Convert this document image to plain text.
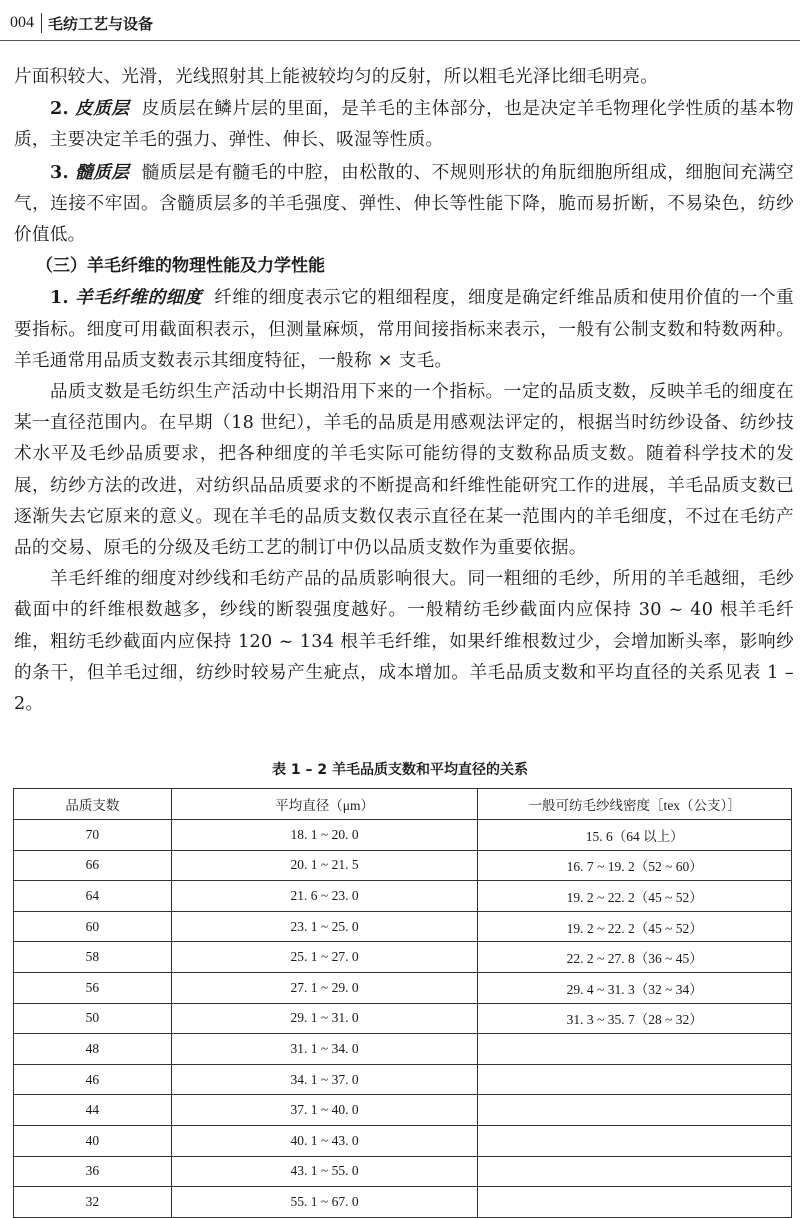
004 毛纺工艺与设备

片面积较大、光滑，光线照射其上能被较均匀的反射，所以粗毛光泽比细毛明亮。

2. 皮质层 皮质层在鳞片层的里面，是羊毛的主体部分，也是决定羊毛物理化学性质的基本物质，主要决定羊毛的强力、弹性、伸长、吸湿等性质。

3. 髓质层 髓质层是有髓毛的中腔，由松散的、不规则形状的角朊细胞所组成，细胞间充满空气，连接不牢固。含髓质层多的羊毛强度、弹性、伸长等性能下降，脆而易折断，不易染色，纺纱价值低。

（三）羊毛纤维的物理性能及力学性能

1. 羊毛纤维的细度 纤维的细度表示它的粗细程度，细度是确定纤维品质和使用价值的一个重要指标。细度可用截面积表示，但测量麻烦，常用间接指标来表示，一般有公制支数和特数两种。羊毛通常用品质支数表示其细度特征，一般称 × 支毛。

品质支数是毛纺织生产活动中长期沿用下来的一个指标。一定的品质支数，反映羊毛的细度在某一直径范围内。在早期（18 世纪），羊毛的品质是用感观法评定的，根据当时纺纱设备、纺纱技术水平及毛纱品质要求，把各种细度的羊毛实际可能纺得的支数称品质支数。随着科学技术的发展，纺纱方法的改进，对纺织品品质要求的不断提高和纤维性能研究工作的进展，羊毛品质支数已逐渐失去它原来的意义。现在羊毛的品质支数仅表示直径在某一范围内的羊毛细度，不过在毛纺产品的交易、原毛的分级及毛纺工艺的制订中仍以品质支数作为重要依据。

羊毛纤维的细度对纱线和毛纺产品的品质影响很大。同一粗细的毛纱，所用的羊毛越细，毛纱截面中的纤维根数越多，纱线的断裂强度越好。一般精纺毛纱截面内应保持 30 ~ 40 根羊毛纤维，粗纺毛纱截面内应保持 120 ~ 134 根羊毛纤维，如果纤维根数过少，会增加断头率，影响纱的条干，但羊毛过细，纺纱时较易产生疵点，成本增加。羊毛品质支数和平均直径的关系见表 1 – 2。

表 1 – 2 羊毛品质支数和平均直径的关系
品质支数	平均直径（μm）	一般可纺毛纱线密度［tex（公支）］
70	18. 1 ~ 20. 0	15. 6（64 以上）
66	20. 1 ~ 21. 5	16. 7 ~ 19. 2（52 ~ 60）
64	21. 6 ~ 23. 0	19. 2 ~ 22. 2（45 ~ 52）
60	23. 1 ~ 25. 0	19. 2 ~ 22. 2（45 ~ 52）
58	25. 1 ~ 27. 0	22. 2 ~ 27. 8（36 ~ 45）
56	27. 1 ~ 29. 0	29. 4 ~ 31. 3（32 ~ 34）
50	29. 1 ~ 31. 0	31. 3 ~ 35. 7（28 ~ 32）
48	31. 1 ~ 34. 0	
46	34. 1 ~ 37. 0	
44	37. 1 ~ 40. 0	
40	40. 1 ~ 43. 0	
36	43. 1 ~ 55. 0	
32	55. 1 ~ 67. 0	
